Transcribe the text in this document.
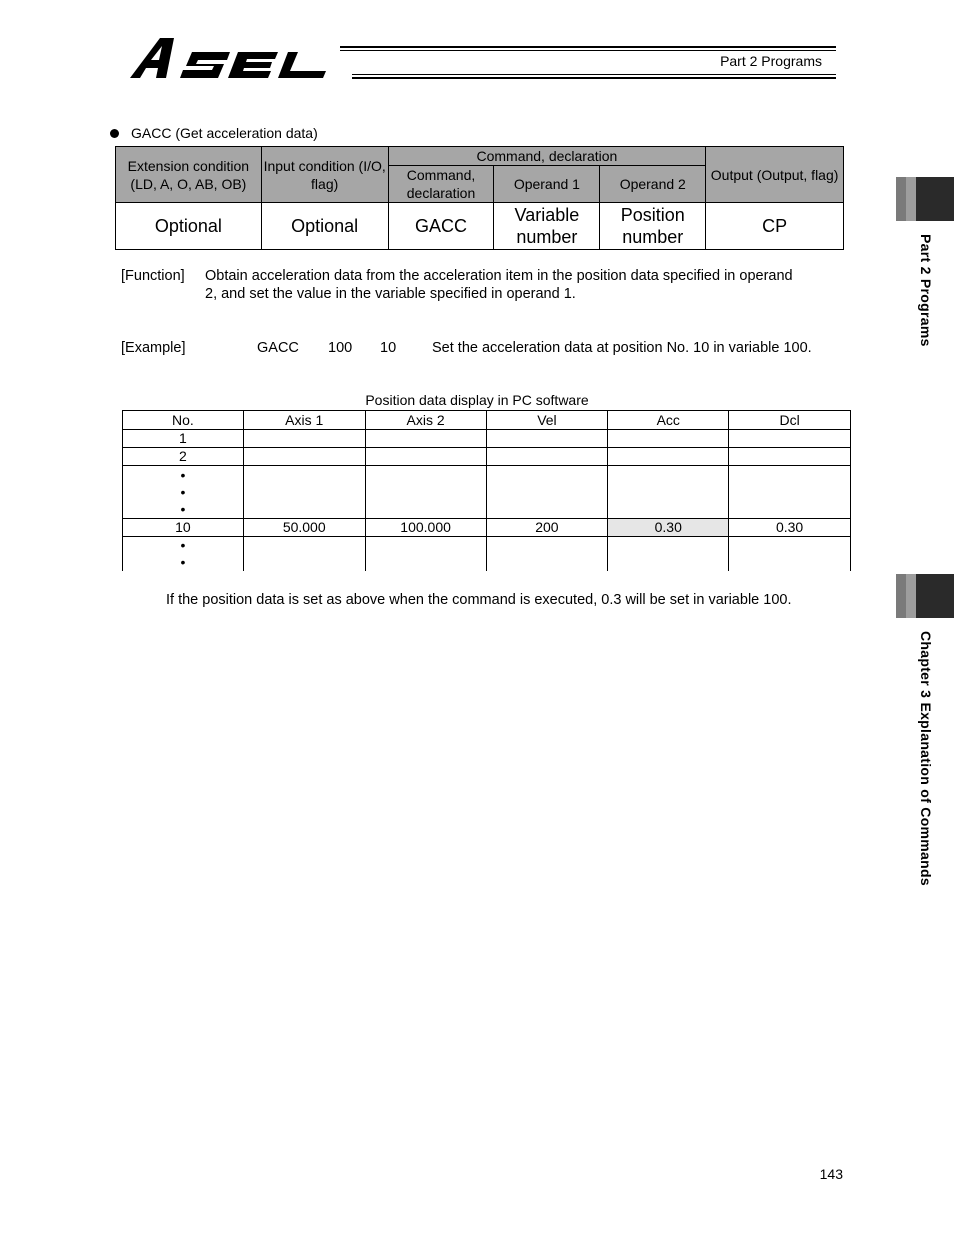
Part 2 Programs
Part 2 Programs
Chapter 3 Explanation of Commands
GACC (Get acceleration data)
Extension condition (LD, A, O, AB, OB)	Input condition (I/O, flag)	Command, declaration			Output (Output, flag)
		Command, declaration	Operand 1	Operand 2	
Optional	Optional	GACC	Variable number	Position number	CP
[Function] Obtain acceleration data from the acceleration item in the position data specified in operand
2, and set the value in the variable specified in operand 1.
[Example]	GACC 100 10 Set the acceleration data at position No. 10 in variable 100.
Position data display in PC software
No.	Axis 1	Axis 2	Vel	Acc	Dcl
1					
2					

•
•
•					

10	50.000	100.000	200	0.30	0.30

•
•					

If the position data is set as above when the command is executed, 0.3 will be set in variable 100.
143
